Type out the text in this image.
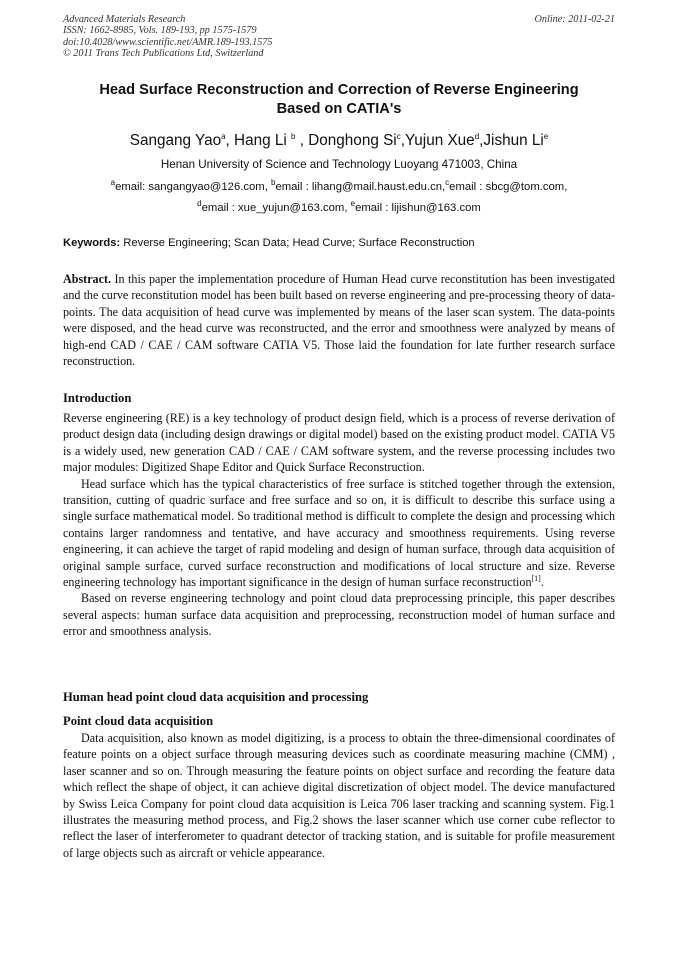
Advanced Materials Research	Online: 2011-02-21
ISSN: 1662-8985, Vols. 189-193, pp 1575-1579
doi:10.4028/www.scientific.net/AMR.189-193.1575
© 2011 Trans Tech Publications Ltd, Switzerland
Head Surface Reconstruction and Correction of Reverse Engineering
Based on CATIA's
Sangang Yao$^a$, Hang Li $^b$ , Donghong Si$^c$,Yujun Xue$^d$,Jishun Li$^e$
Henan University of Science and Technology Luoyang 471003, China
$^a$email: sangangyao@126.com, $^b$email : lihang@mail.haust.edu.cn,$^c$email : sbcg@tom.com,
$^d$email : xue_yujun@163.com, $^e$email : lijishun@163.com
Keywords: Reverse Engineering; Scan Data; Head Curve; Surface Reconstruction

Abstract. In this paper the implementation procedure of Human Head curve reconstitution has been investigated and the curve reconstitution model has been built based on reverse engineering and pre-processing theory of data-points. The data acquisition of head curve was implemented by means of the laser scan system. The data-points were disposed, and the head curve was reconstructed, and the error and smoothness were analyzed by means of high-end CAD / CAE / CAM software CATIA V5. Those laid the foundation for late further research surface reconstruction.

Introduction

Reverse engineering (RE) is a key technology of product design field, which is a process of reverse derivation of product design data (including design drawings or digital model) based on the existing product model. CATIA V5 is a widely used, new generation CAD / CAE / CAM software system, and the reverse processing includes two major modules: Digitized Shape Editor and Quick Surface Reconstruction.

Head surface which has the typical characteristics of free surface is stitched together through the extension, transition, cutting of quadric surface and free surface and so on, it is difficult to describe this surface using a single surface mathematical model. So traditional method is difficult to complete the design and processing which contains larger randomness and tentative, and have accuracy and smoothness requirements. Using reverse engineering, it can achieve the target of rapid modeling and design of human surface, through data acquisition of original sample surface, curved surface reconstruction and modifications of local structure and size. Reverse engineering technology has important significance in the design of human surface reconstruction[1].

Based on reverse engineering technology and point cloud data preprocessing principle, this paper describes several aspects: human surface data acquisition and preprocessing, reconstruction model of human surface and error and smoothness analysis.

Human head point cloud data acquisition and processing
Point cloud data acquisition

Data acquisition, also known as model digitizing, is a process to obtain the three-dimensional coordinates of feature points on a object surface through measuring devices such as coordinate measuring machine (CMM) , laser scanner and so on. Through measuring the feature points on object surface and recording the feature data which reflect the shape of object, it can achieve digital discretization of object model. The device manufactured by Swiss Leica Company for point cloud data acquisition is Leica 706 laser tracking and scanning system. Fig.1 illustrates the measuring method process, and Fig.2 shows the laser scanner which use corner cube reflector to reflect the laser of interferometer to quadrant detector of tracking station, and is suitable for profile measurement of large objects such as aircraft or vehicle appearance.
